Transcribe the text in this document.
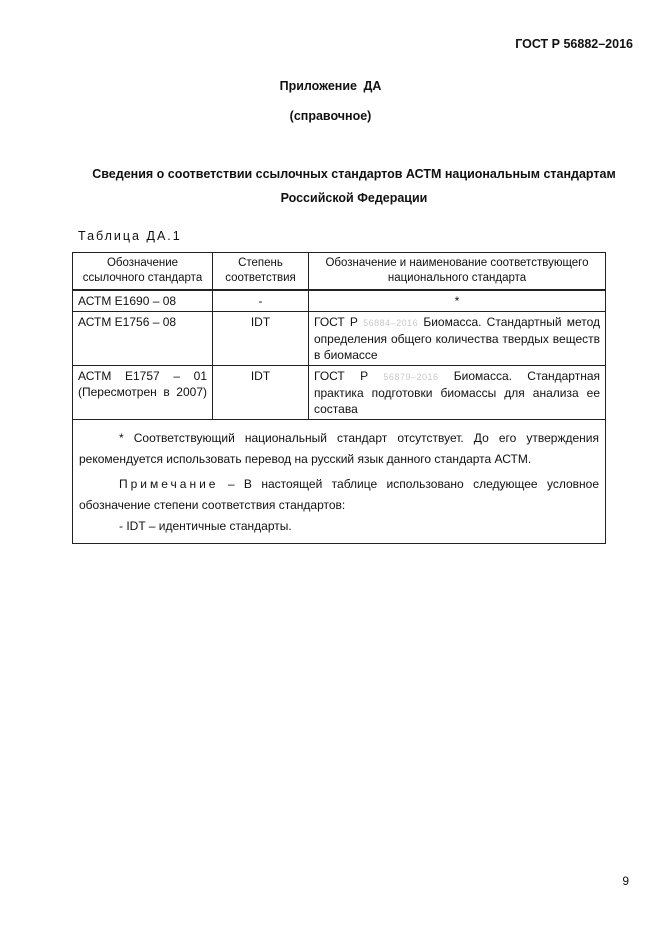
ГОСТ Р 56882–2016
Приложение ДА
(справочное)
Сведения о соответствии ссылочных стандартов АСТМ национальным стандартам Российской Федерации
Таблица ДА.1
Обозначение ссылочного стандарта	Степень соответствия	Обозначение и наименование соответствующего национального стандарта
АСТМ Е1690 – 08	-	*
АСТМ Е1756 – 08	IDT	ГОСТ Р 56884–2016 Биомасса. Стандартный метод определения общего количества твердых веществ в биомассе
АСТМ Е1757 – 01 (Пересмотрен в 2007)	IDT	ГОСТ Р 56879–2016 Биомасса. Стандартная практика подготовки биомассы для анализа ее состава

* Соответствующий национальный стандарт отсутствует. До его утверждения рекомендуется использовать перевод на русский язык данного стандарта АСТМ.

Примечание – В настоящей таблице использовано следующее условное обозначение степени соответствия стандартов:

- IDT – идентичные стандарты.		

9
